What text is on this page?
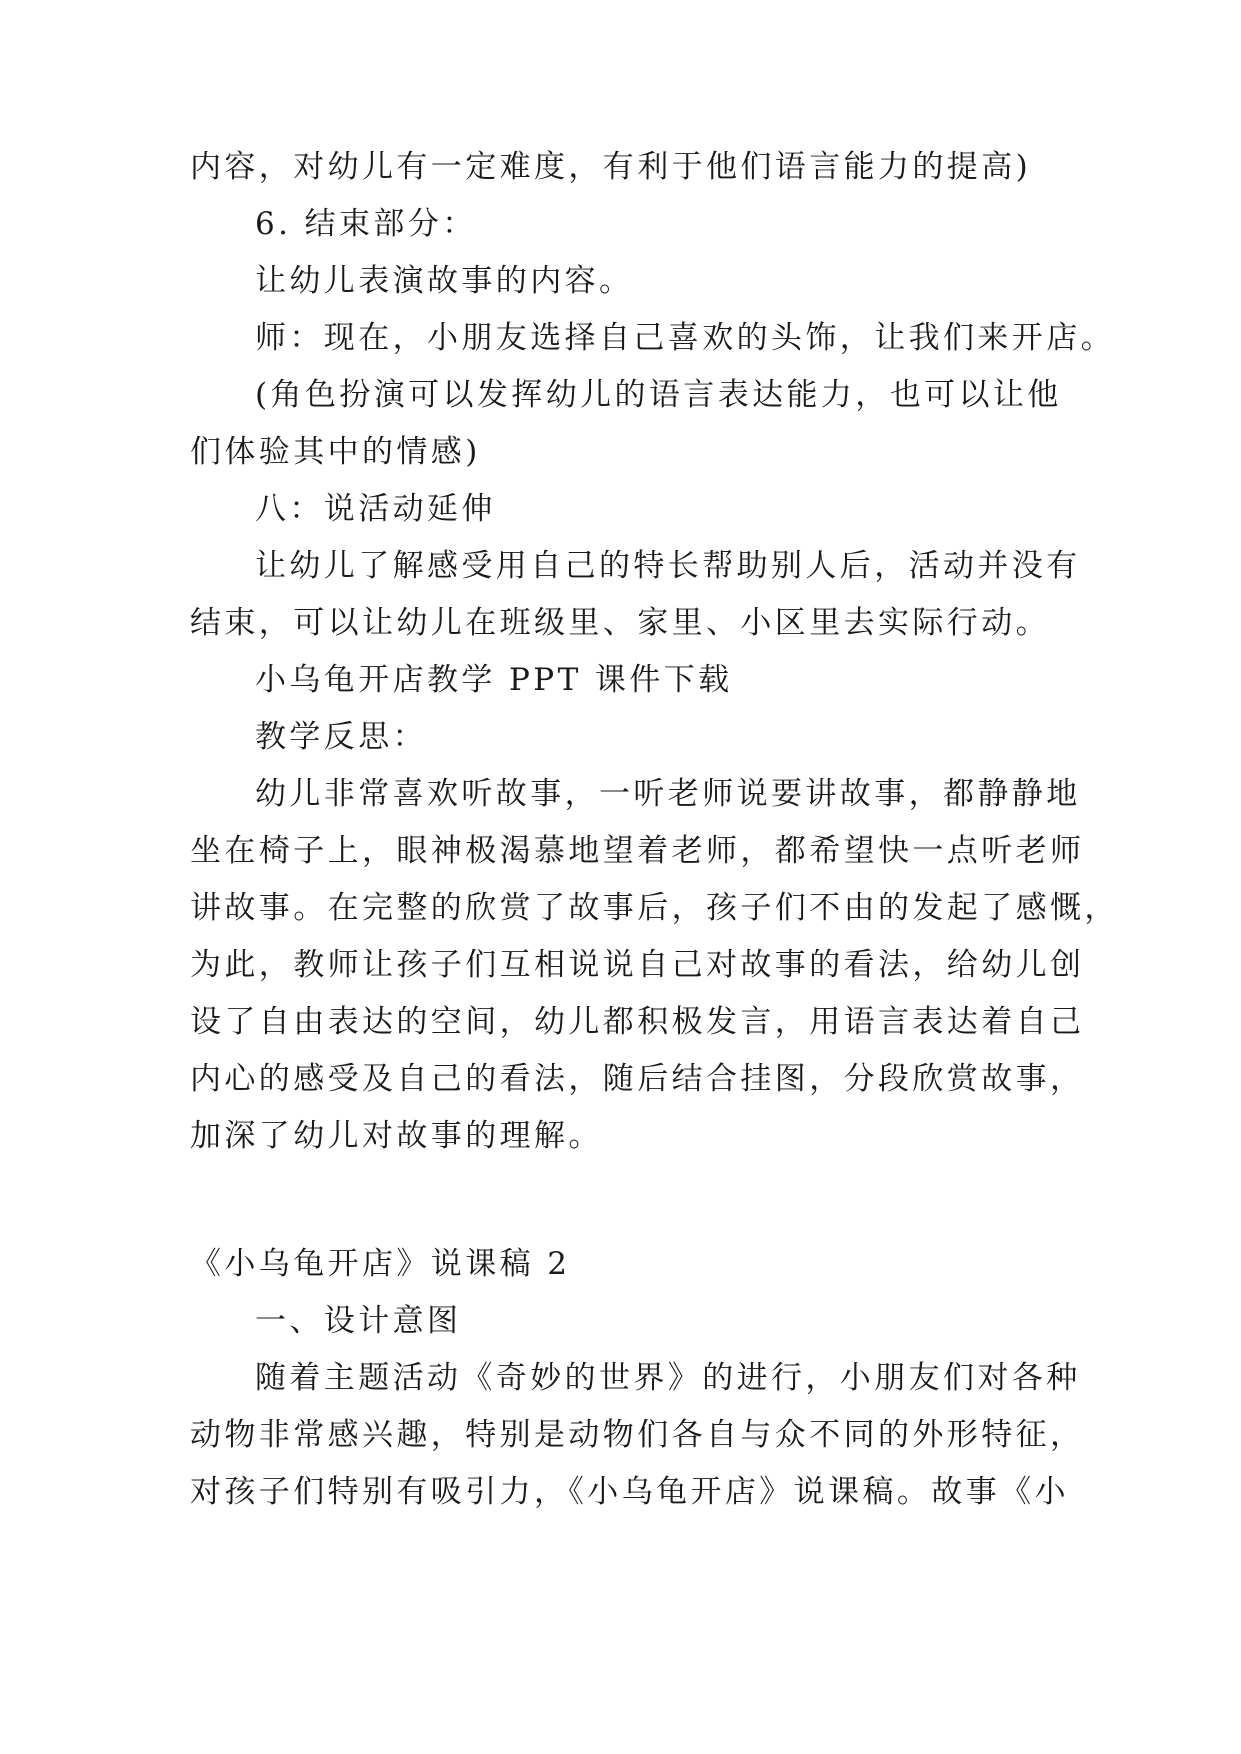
内容，对幼儿有一定难度，有利于他们语言能力的提高)
6. 结束部分：
让幼儿表演故事的内容。
师：现在，小朋友选择自己喜欢的头饰，让我们来开店。
(角色扮演可以发挥幼儿的语言表达能力，也可以让他
们体验其中的情感)
八：说活动延伸
让幼儿了解感受用自己的特长帮助别人后，活动并没有
结束，可以让幼儿在班级里、家里、小区里去实际行动。
小乌龟开店教学 PPT 课件下载
教学反思：
幼儿非常喜欢听故事，一听老师说要讲故事，都静静地
坐在椅子上，眼神极渴慕地望着老师，都希望快一点听老师
讲故事。在完整的欣赏了故事后，孩子们不由的发起了感慨，
为此，教师让孩子们互相说说自己对故事的看法，给幼儿创
设了自由表达的空间，幼儿都积极发言，用语言表达着自己
内心的感受及自己的看法，随后结合挂图，分段欣赏故事，
加深了幼儿对故事的理解。
《小乌龟开店》说课稿 2
一、设计意图
随着主题活动《奇妙的世界》的进行，小朋友们对各种
动物非常感兴趣，特别是动物们各自与众不同的外形特征，
对孩子们特别有吸引力，《小乌龟开店》说课稿。故事《小
